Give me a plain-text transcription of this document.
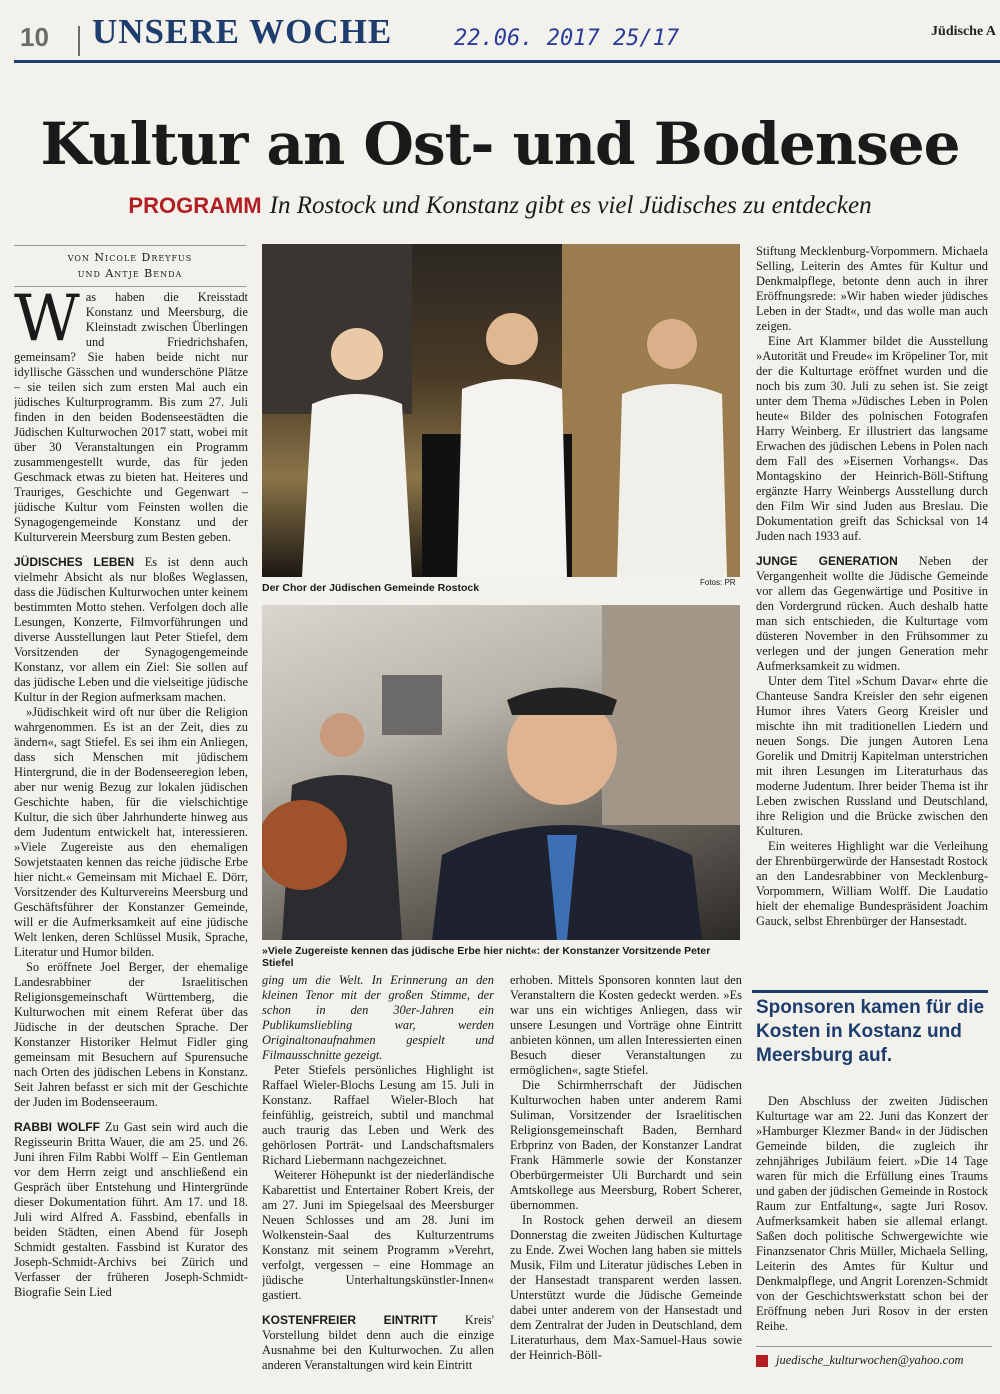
10 UNSERE WOCHE	22.06. 2017 25/17	Jüdische A
Kultur an Ost- und Bodensee
PROGRAMM In Rostock und Konstanz gibt es viel Jüdisches zu entdecken
von Nicole Dreyfus
und Antje Benda

Was haben die Kreisstadt Konstanz und Meersburg, die Kleinstadt zwischen Überlingen und Friedrichshafen, gemeinsam? Sie haben beide nicht nur idyllische Gässchen und wunderschöne Plätze – sie teilen sich zum ersten Mal auch ein jüdisches Kulturprogramm. Bis zum 27. Juli finden in den beiden Bodenseestädten die Jüdischen Kulturwochen 2017 statt, wobei mit über 30 Veranstaltungen ein Programm zusammengestellt wurde, das für jeden Geschmack etwas zu bieten hat. Heiteres und Trauriges, Geschichte und Gegenwart – jüdische Kultur vom Feinsten wollen die Synagogengemeinde Konstanz und der Kulturverein Meersburg zum Besten geben.

JÜDISCHES LEBEN Es ist denn auch vielmehr Absicht als nur bloßes Weglassen, dass die Jüdischen Kulturwochen unter keinem bestimmten Motto stehen. Verfolgen doch alle Lesungen, Konzerte, Filmvorführungen und diverse Ausstellungen laut Peter Stiefel, dem Vorsitzenden der Synagogengemeinde Konstanz, vor allem ein Ziel: Sie sollen auf das jüdische Leben und die vielseitige jüdische Kultur in der Region aufmerksam machen.

»Jüdischkeit wird oft nur über die Religion wahrgenommen. Es ist an der Zeit, dies zu ändern«, sagt Stiefel. Es sei ihm ein Anliegen, dass sich Menschen mit jüdischem Hintergrund, die in der Bodenseeregion leben, aber nur wenig Bezug zur lokalen jüdischen Geschichte haben, für die vielschichtige Kultur, die sich über Jahrhunderte hinweg aus dem Judentum entwickelt hat, interessieren. »Viele Zugereiste aus den ehemaligen Sowjetstaaten kennen das reiche jüdische Erbe hier nicht.« Gemeinsam mit Michael E. Dörr, Vorsitzender des Kulturvereins Meersburg und Geschäftsführer der Konstanzer Gemeinde, will er die Aufmerksamkeit auf eine jüdische Welt lenken, deren Schlüssel Musik, Sprache, Literatur und Humor bilden.

So eröffnete Joel Berger, der ehemalige Landesrabbiner der Israelitischen Religionsgemeinschaft Württemberg, die Kulturwochen mit einem Referat über das Jüdische in der deutschen Sprache. Der Konstanzer Historiker Helmut Fidler ging gemeinsam mit Besuchern auf Spurensuche nach Orten des jüdischen Lebens in Konstanz. Seit Jahren befasst er sich mit der Geschichte der Juden im Bodenseeraum.

RABBI WOLFF Zu Gast sein wird auch die Regisseurin Britta Wauer, die am 25. und 26. Juni ihren Film Rabbi Wolff – Ein Gentleman vor dem Herrn zeigt und anschließend ein Gespräch über Entstehung und Hintergründe dieser Dokumentation führt. Am 17. und 18. Juli wird Alfred A. Fassbind, ebenfalls in beiden Städten, einen Abend für Joseph Schmidt gestalten. Fassbind ist Kurator des Joseph-Schmidt-Archivs bei Zürich und Verfasser der früheren Joseph-Schmidt-Biografie Sein Lied

Der Chor der Jüdischen Gemeinde Rostock	Fotos: PR
»Viele Zugereiste kennen das jüdische Erbe hier nicht«: der Konstanzer Vorsitzende Peter Stiefel

ging um die Welt. In Erinnerung an den kleinen Tenor mit der großen Stimme, der schon in den 30er-Jahren ein Publikumsliebling war, werden Originaltonaufnahmen gespielt und Filmausschnitte gezeigt.

Peter Stiefels persönliches Highlight ist Raffael Wieler-Blochs Lesung am 15. Juli in Konstanz. Raffael Wieler-Bloch hat feinfühlig, geistreich, subtil und manchmal auch traurig das Leben und Werk des gehörlosen Porträt- und Landschaftsmalers Richard Liebermann nachgezeichnet.

Weiterer Höhepunkt ist der niederländische Kabarettist und Entertainer Robert Kreis, der am 27. Juni im Spiegelsaal des Meersburger Neuen Schlosses und am 28. Juni im Wolkenstein-Saal des Kulturzentrums Konstanz mit seinem Programm »Verehrt, verfolgt, vergessen – eine Hommage an jüdische Unterhaltungskünstler-Innen« gastiert.

KOSTENFREIER EINTRITT Kreis' Vorstellung bildet denn auch die einzige Ausnahme bei den Kulturwochen. Zu allen anderen Veranstaltungen wird kein Eintritt

erhoben. Mittels Sponsoren konnten laut den Veranstaltern die Kosten gedeckt werden. »Es war uns ein wichtiges Anliegen, dass wir unsere Lesungen und Vorträge ohne Eintritt anbieten können, um allen Interessierten einen Besuch dieser Veranstaltungen zu ermöglichen«, sagte Stiefel.

Die Schirmherrschaft der Jüdischen Kulturwochen haben unter anderem Rami Suliman, Vorsitzender der Israelitischen Religionsgemeinschaft Baden, Bernhard Erbprinz von Baden, der Konstanzer Landrat Frank Hämmerle sowie der Konstanzer Oberbürgermeister Uli Burchardt und sein Amtskollege aus Meersburg, Robert Scherer, übernommen.

In Rostock gehen derweil an diesem Donnerstag die zweiten Jüdischen Kulturtage zu Ende. Zwei Wochen lang haben sie mittels Musik, Film und Literatur jüdisches Leben in der Hansestadt transparent werden lassen. Unterstützt wurde die Jüdische Gemeinde dabei unter anderem von der Hansestadt und dem Zentralrat der Juden in Deutschland, dem Literaturhaus, dem Max-Samuel-Haus sowie der Heinrich-Böll-

Stiftung Mecklenburg-Vorpommern. Michaela Selling, Leiterin des Amtes für Kultur und Denkmalpflege, betonte denn auch in ihrer Eröffnungsrede: »Wir haben wieder jüdisches Leben in der Stadt«, und das wolle man auch zeigen.

Eine Art Klammer bildet die Ausstellung »Autorität und Freude« im Kröpeliner Tor, mit der die Kulturtage eröffnet wurden und die noch bis zum 30. Juli zu sehen ist. Sie zeigt unter dem Thema »Jüdisches Leben in Polen heute« Bilder des polnischen Fotografen Harry Weinberg. Er illustriert das langsame Erwachen des jüdischen Lebens in Polen nach dem Fall des »Eisernen Vorhangs«. Das Montagskino der Heinrich-Böll-Stiftung ergänzte Harry Weinbergs Ausstellung durch den Film Wir sind Juden aus Breslau. Die Dokumentation greift das Schicksal von 14 Juden nach 1933 auf.

JUNGE GENERATION Neben der Vergangenheit wollte die Jüdische Gemeinde vor allem das Gegenwärtige und Positive in den Vordergrund rücken. Auch deshalb hatte man sich entschieden, die Kulturtage vom düsteren November in den Frühsommer zu verlegen und der jungen Generation mehr Aufmerksamkeit zu widmen.

Unter dem Titel »Schum Davar« ehrte die Chanteuse Sandra Kreisler den sehr eigenen Humor ihres Vaters Georg Kreisler und mischte ihn mit traditionellen Liedern und neuen Songs. Die jungen Autoren Lena Gorelik und Dmitrij Kapitelman unterstrichen mit ihren Lesungen im Literaturhaus das moderne Judentum. Ihrer beider Thema ist ihr Leben zwischen Russland und Deutschland, ihre Religion und die Brücke zwischen den Kulturen.

Ein weiteres Highlight war die Verleihung der Ehrenbürgerwürde der Hansestadt Rostock an den Landesrabbiner von Mecklenburg-Vorpommern, William Wolff. Die Laudatio hielt der ehemalige Bundespräsident Joachim Gauck, selbst Ehrenbürger der Hansestadt.

Sponsoren kamen für die Kosten in Kostanz und Meersburg auf.

Den Abschluss der zweiten Jüdischen Kulturtage war am 22. Juni das Konzert der »Hamburger Klezmer Band« in der Jüdischen Gemeinde bilden, die zugleich ihr zehnjähriges Jubiläum feiert. »Die 14 Tage waren für mich die Erfüllung eines Traums und gaben der jüdischen Gemeinde in Rostock Raum zur Entfaltung«, sagte Juri Rosov. Aufmerksamkeit haben sie allemal erlangt. Saßen doch politische Schwergewichte wie Finanzsenator Chris Müller, Michaela Selling, Leiterin des Amtes für Kultur und Denkmalpflege, und Angrit Lorenzen-Schmidt von der Geschichtswerkstatt schon bei der Eröffnung neben Juri Rosov in der ersten Reihe.

juedische_kulturwochen@yahoo.com
